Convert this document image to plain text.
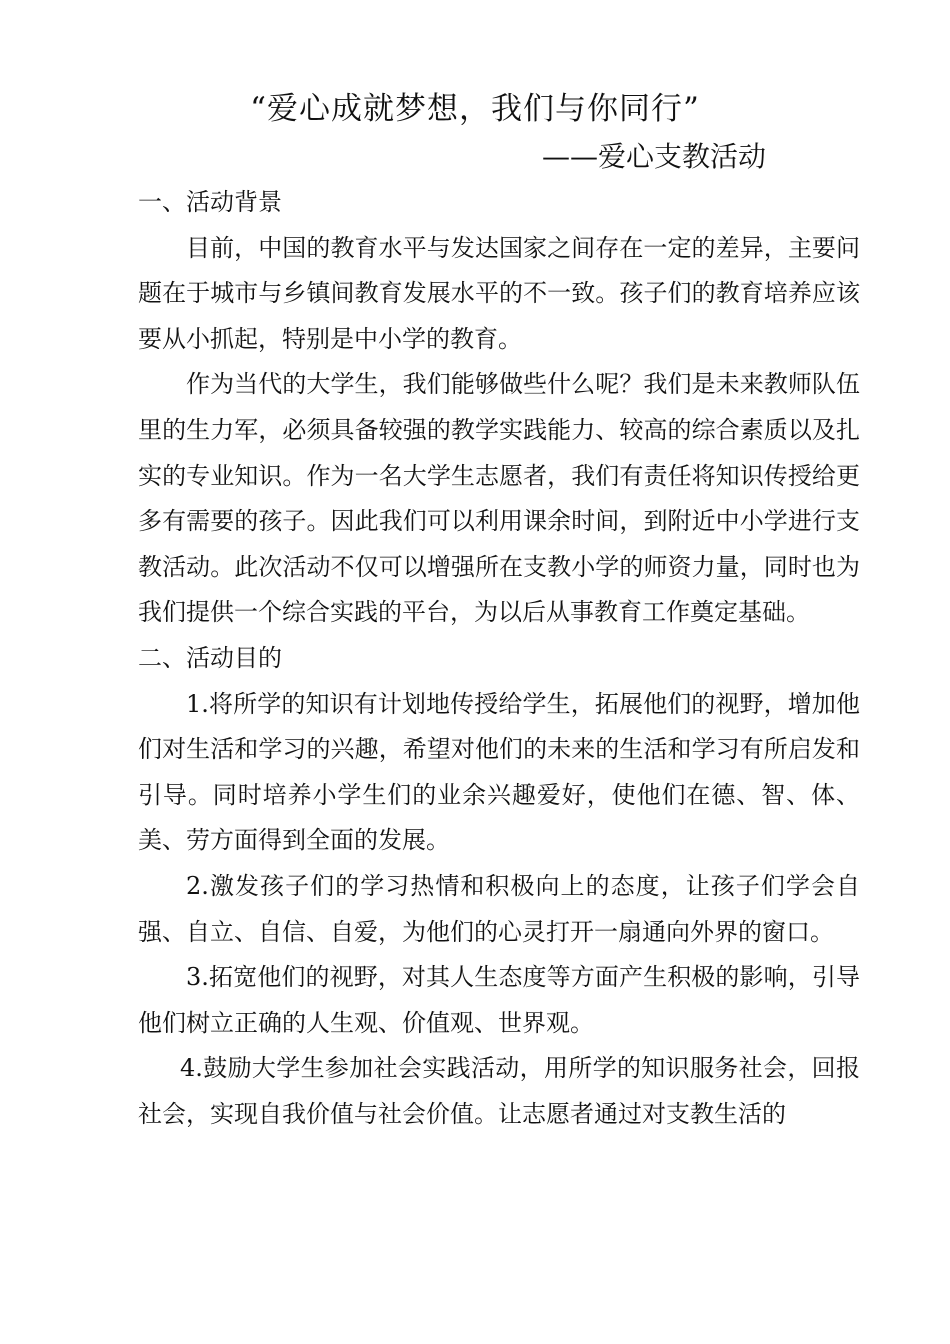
“爱心成就梦想，我们与你同行”
——爱心支教活动

一、活动背景

目前，中国的教育水平与发达国家之间存在一定的差异，主要问题在于城市与乡镇间教育发展水平的不一致。孩子们的教育培养应该要从小抓起，特别是中小学的教育。

作为当代的大学生，我们能够做些什么呢？我们是未来教师队伍里的生力军，必须具备较强的教学实践能力、较高的综合素质以及扎实的专业知识。作为一名大学生志愿者，我们有责任将知识传授给更多有需要的孩子。因此我们可以利用课余时间，到附近中小学进行支教活动。此次活动不仅可以增强所在支教小学的师资力量，同时也为我们提供一个综合实践的平台，为以后从事教育工作奠定基础。

二、活动目的

1.将所学的知识有计划地传授给学生，拓展他们的视野，增加他们对生活和学习的兴趣，希望对他们的未来的生活和学习有所启发和引导。同时培养小学生们的业余兴趣爱好，使他们在德、智、体、美、劳方面得到全面的发展。

2.激发孩子们的学习热情和积极向上的态度，让孩子们学会自强、自立、自信、自爱，为他们的心灵打开一扇通向外界的窗口。

3.拓宽他们的视野，对其人生态度等方面产生积极的影响，引导他们树立正确的人生观、价值观、世界观。

4.鼓励大学生参加社会实践活动，用所学的知识服务社会，回报社会，实现自我价值与社会价值。让志愿者通过对支教生活的
